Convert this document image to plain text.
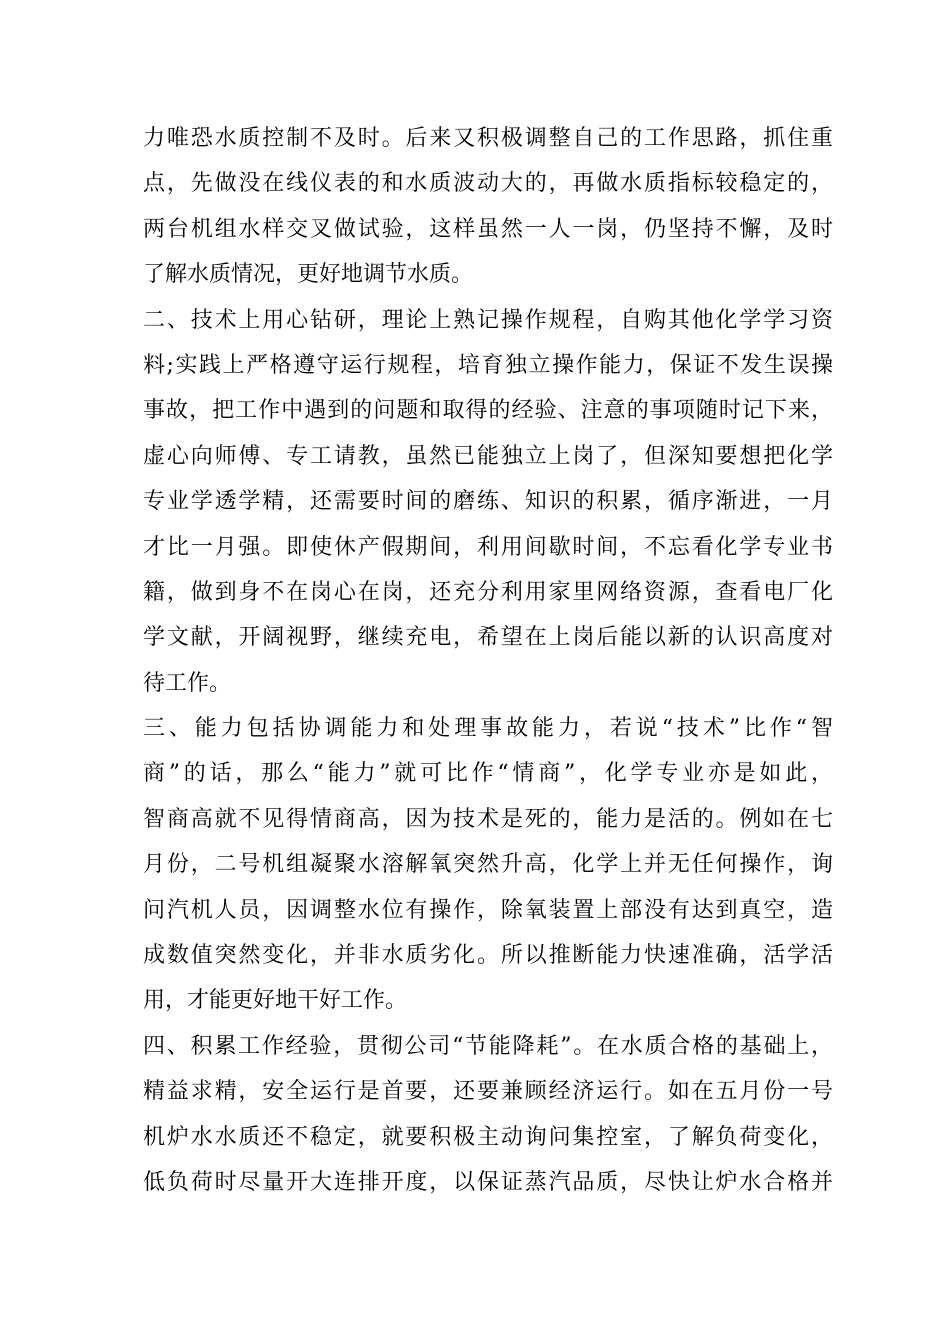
力唯恐水质控制不及时。后来又积极调整自己的工作思路，抓住重
点，先做没在线仪表的和水质波动大的，再做水质指标较稳定的，
两台机组水样交叉做试验，这样虽然一人一岗，仍坚持不懈，及时
了解水质情况，更好地调节水质。
二、技术上用心钻研，理论上熟记操作规程，自购其他化学学习资
料;实践上严格遵守运行规程，培育独立操作能力，保证不发生误操
事故，把工作中遇到的问题和取得的经验、注意的事项随时记下来，
虚心向师傅、专工请教，虽然已能独立上岗了，但深知要想把化学
专业学透学精，还需要时间的磨练、知识的积累，循序渐进，一月
才比一月强。即使休产假期间，利用间歇时间，不忘看化学专业书
籍，做到身不在岗心在岗，还充分利用家里网络资源，查看电厂化
学文献，开阔视野，继续充电，希望在上岗后能以新的认识高度对
待工作。
三、能力包括协调能力和处理事故能力，若说“技术”比作“智
商”的话，那么“能力”就可比作“情商”，化学专业亦是如此，
智商高就不见得情商高，因为技术是死的，能力是活的。例如在七
月份，二号机组凝聚水溶解氧突然升高，化学上并无任何操作，询
问汽机人员，因调整水位有操作，除氧装置上部没有达到真空，造
成数值突然变化，并非水质劣化。所以推断能力快速准确，活学活
用，才能更好地干好工作。
四、积累工作经验，贯彻公司“节能降耗”。在水质合格的基础上，
精益求精，安全运行是首要，还要兼顾经济运行。如在五月份一号
机炉水水质还不稳定，就要积极主动询问集控室，了解负荷变化，
低负荷时尽量开大连排开度，以保证蒸汽品质，尽快让炉水合格并
